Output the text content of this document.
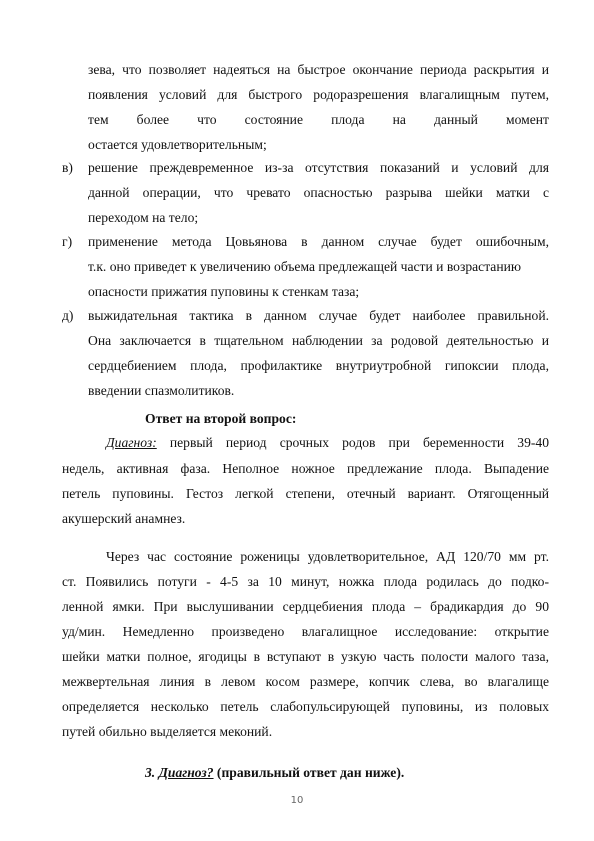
зева, что позволяет надеяться на быстрое окончание периода раскрытия и
появления условий для быстрого родоразрешения влагалищным путем,
тем более что состояние плода на данный момент
остается удовлетворительным;
в) решение преждевременное из-за отсутствия показаний и условий для
данной операции, что чревато опасностью разрыва шейки матки с
переходом на тело;
г) применение метода Цовьянова в данном случае будет ошибочным,
т.к. оно приведет к увеличению объема предлежащей части и возрастанию
опасности прижатия пуповины к стенкам таза;
д) выжидательная тактика в данном случае будет наиболее правильной.
Она заключается в тщательном наблюдении за родовой деятельностью и
сердцебиением плода, профилактике внутриутробной гипоксии плода,
введении спазмолитиков.
Ответ на второй вопрос:
Диагноз: первый период срочных родов при беременности 39-40
недель, активная фаза. Неполное ножное предлежание плода. Выпадение
петель пуповины. Гестоз легкой степени, отечный вариант. Отягощенный
акушерский анамнез.
Через час состояние роженицы удовлетворительное, АД 120/70 мм рт.
ст. Появились потуги - 4-5 за 10 минут, ножка плода родилась до подко-
ленной ямки. При выслушивании сердцебиения плода – брадикардия до 90
уд/мин. Немедленно произведено влагалищное исследование: открытие
шейки матки полное, ягодицы в вступают в узкую часть полости малого таза,
межвертельная линия в левом косом размере, копчик слева, во влагалище
определяется несколько петель слабопульсирующей пуповины, из половых
путей обильно выделяется меконий.
3. Диагноз? (правильный ответ дан ниже).
10
